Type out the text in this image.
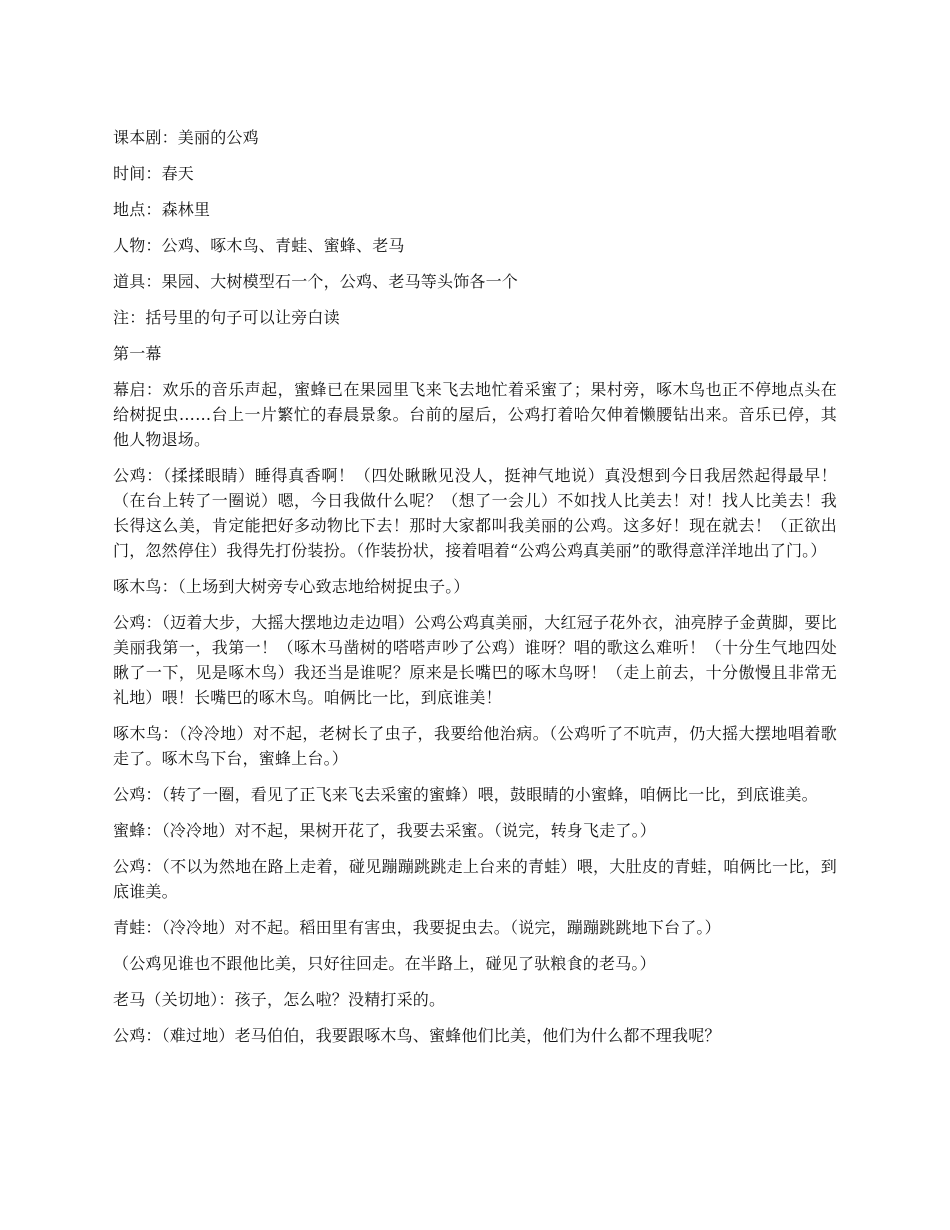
课本剧：美丽的公鸡

时间：春天

地点：森林里

人物：公鸡、啄木鸟、青蛙、蜜蜂、老马

道具：果园、大树模型石一个，公鸡、老马等头饰各一个

注：括号里的句子可以让旁白读

第一幕

幕启：欢乐的音乐声起，蜜蜂已在果园里飞来飞去地忙着采蜜了；果村旁，啄木鸟也正不停地点头在给树捉虫……台上一片繁忙的春晨景象。台前的屋后，公鸡打着哈欠伸着懒腰钻出来。音乐已停，其他人物退场。

公鸡：（揉揉眼睛）睡得真香啊！（四处瞅瞅见没人，挺神气地说）真没想到今日我居然起得最早！（在台上转了一圈说）嗯，今日我做什么呢？（想了一会儿）不如找人比美去！对！找人比美去！我长得这么美，肯定能把好多动物比下去！那时大家都叫我美丽的公鸡。这多好！现在就去！（正欲出门，忽然停住）我得先打份装扮。（作装扮状，接着唱着“公鸡公鸡真美丽”的歌得意洋洋地出了门。）

啄木鸟：（上场到大树旁专心致志地给树捉虫子。）

公鸡：（迈着大步，大摇大摆地边走边唱）公鸡公鸡真美丽，大红冠子花外衣，油亮脖子金黄脚，要比美丽我第一，我第一！（啄木马凿树的嗒嗒声吵了公鸡）谁呀？唱的歌这么难听！（十分生气地四处瞅了一下，见是啄木鸟）我还当是谁呢？原来是长嘴巴的啄木鸟呀！（走上前去，十分傲慢且非常无礼地）喂！长嘴巴的啄木鸟。咱俩比一比，到底谁美！

啄木鸟：（冷冷地）对不起，老树长了虫子，我要给他治病。（公鸡听了不吭声，仍大摇大摆地唱着歌走了。啄木鸟下台，蜜蜂上台。）

公鸡：（转了一圈，看见了正飞来飞去采蜜的蜜蜂）喂，鼓眼睛的小蜜蜂，咱俩比一比，到底谁美。

蜜蜂：（冷冷地）对不起，果树开花了，我要去采蜜。（说完，转身飞走了。）

公鸡：（不以为然地在路上走着，碰见蹦蹦跳跳走上台来的青蛙）喂，大肚皮的青蛙，咱俩比一比，到底谁美。

青蛙：（冷冷地）对不起。稻田里有害虫，我要捉虫去。（说完，蹦蹦跳跳地下台了。）

（公鸡见谁也不跟他比美，只好往回走。在半路上，碰见了驮粮食的老马。）

老马（关切地）：孩子，怎么啦？没精打采的。

公鸡：（难过地）老马伯伯，我要跟啄木鸟、蜜蜂他们比美，他们为什么都不理我呢？
